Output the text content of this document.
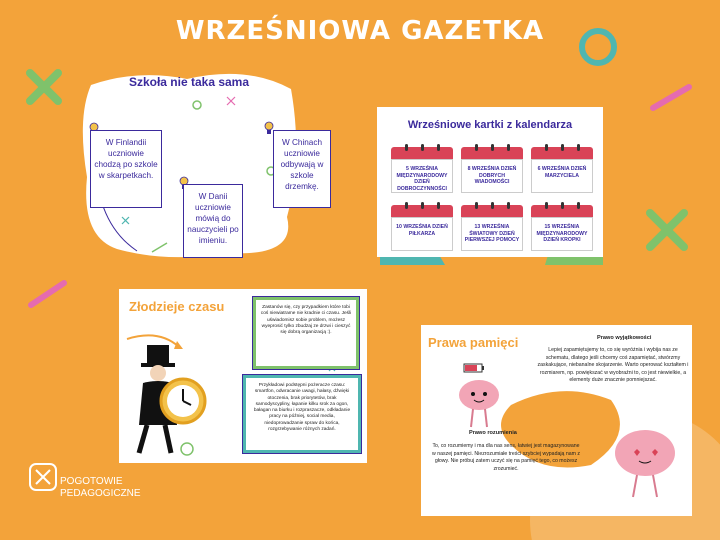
WRZEŚNIOWA GAZETKA
Szkoła nie taka sama
W Finlandii uczniowie chodzą po szkole w skarpetkach.
W Danii uczniowie mówią do nauczycieli po imieniu.
W Chinach uczniowie odbywają w szkole drzemkę.
Wrześniowe kartki z kalendarza
5 WRZEŚNIA MIĘDZYNARODOWY DZIEŃ DOBROCZYNNOŚCI
8 WRZEŚNIA DZIEŃ DOBRYCH WIADOMOŚCI
6 WRZEŚNIA DZIEŃ MARZYCIELA
10 WRZEŚNIA DZIEŃ PIŁKARZA
13 WRZEŚNIA ŚWIATOWY DZIEŃ PIERWSZEJ POMOCY
15 WRZEŚNIA MIĘDZYNARODOWY DZIEŃ KROPKI
Złodzieje czasu	Zastanów się, czy przypadkiem które tobi coś niewiatrame nie kradnie ci czasu. Jeśli uświadomisz sobie problem, możesz wyeprosić tylko zbudzaj ze drzwi i cieszyć się dobrą organizacją :).
Przykładowi podstępni pożeracze czasu: smartfon, odwracanie uwagi, hałasy, dźwięki otoczenia, brak priorytetów, brak samodyscypliny, łapanie kilku srok za ogon, bałagan na biurku i rozpraszacze, odkładanie pracy na później, social media, niedoprowadzanie spraw do końca, rozgrzebywanie różnych zadań.
Prawa pamięci	Prawo wyjątkowości
Lepiej zapamiętujemy to, co się wyróżnia i wybija nas ze schematu, dlatego jeśli chcemy coś zapamiętać, stwórzmy zaskakujące, niebanalne skojarzenie. Warto operować kształtem i rozmiarem, np. powiększać w wyobraźni to, co jest niewielkie, a elementy duże znacznie pomniejszać.
Prawo rozumienia
To, co rozumiemy i ma dla nas sens, łatwiej jest magazynowane w naszej pamięci. Niezrozumiałe treści szybciej wypadają nam z głowy. Nie próbuj zatem uczyć się na pamięć tego, co możesz zrozumieć.
POGOTOWIE
PEDAGOGICZNE
